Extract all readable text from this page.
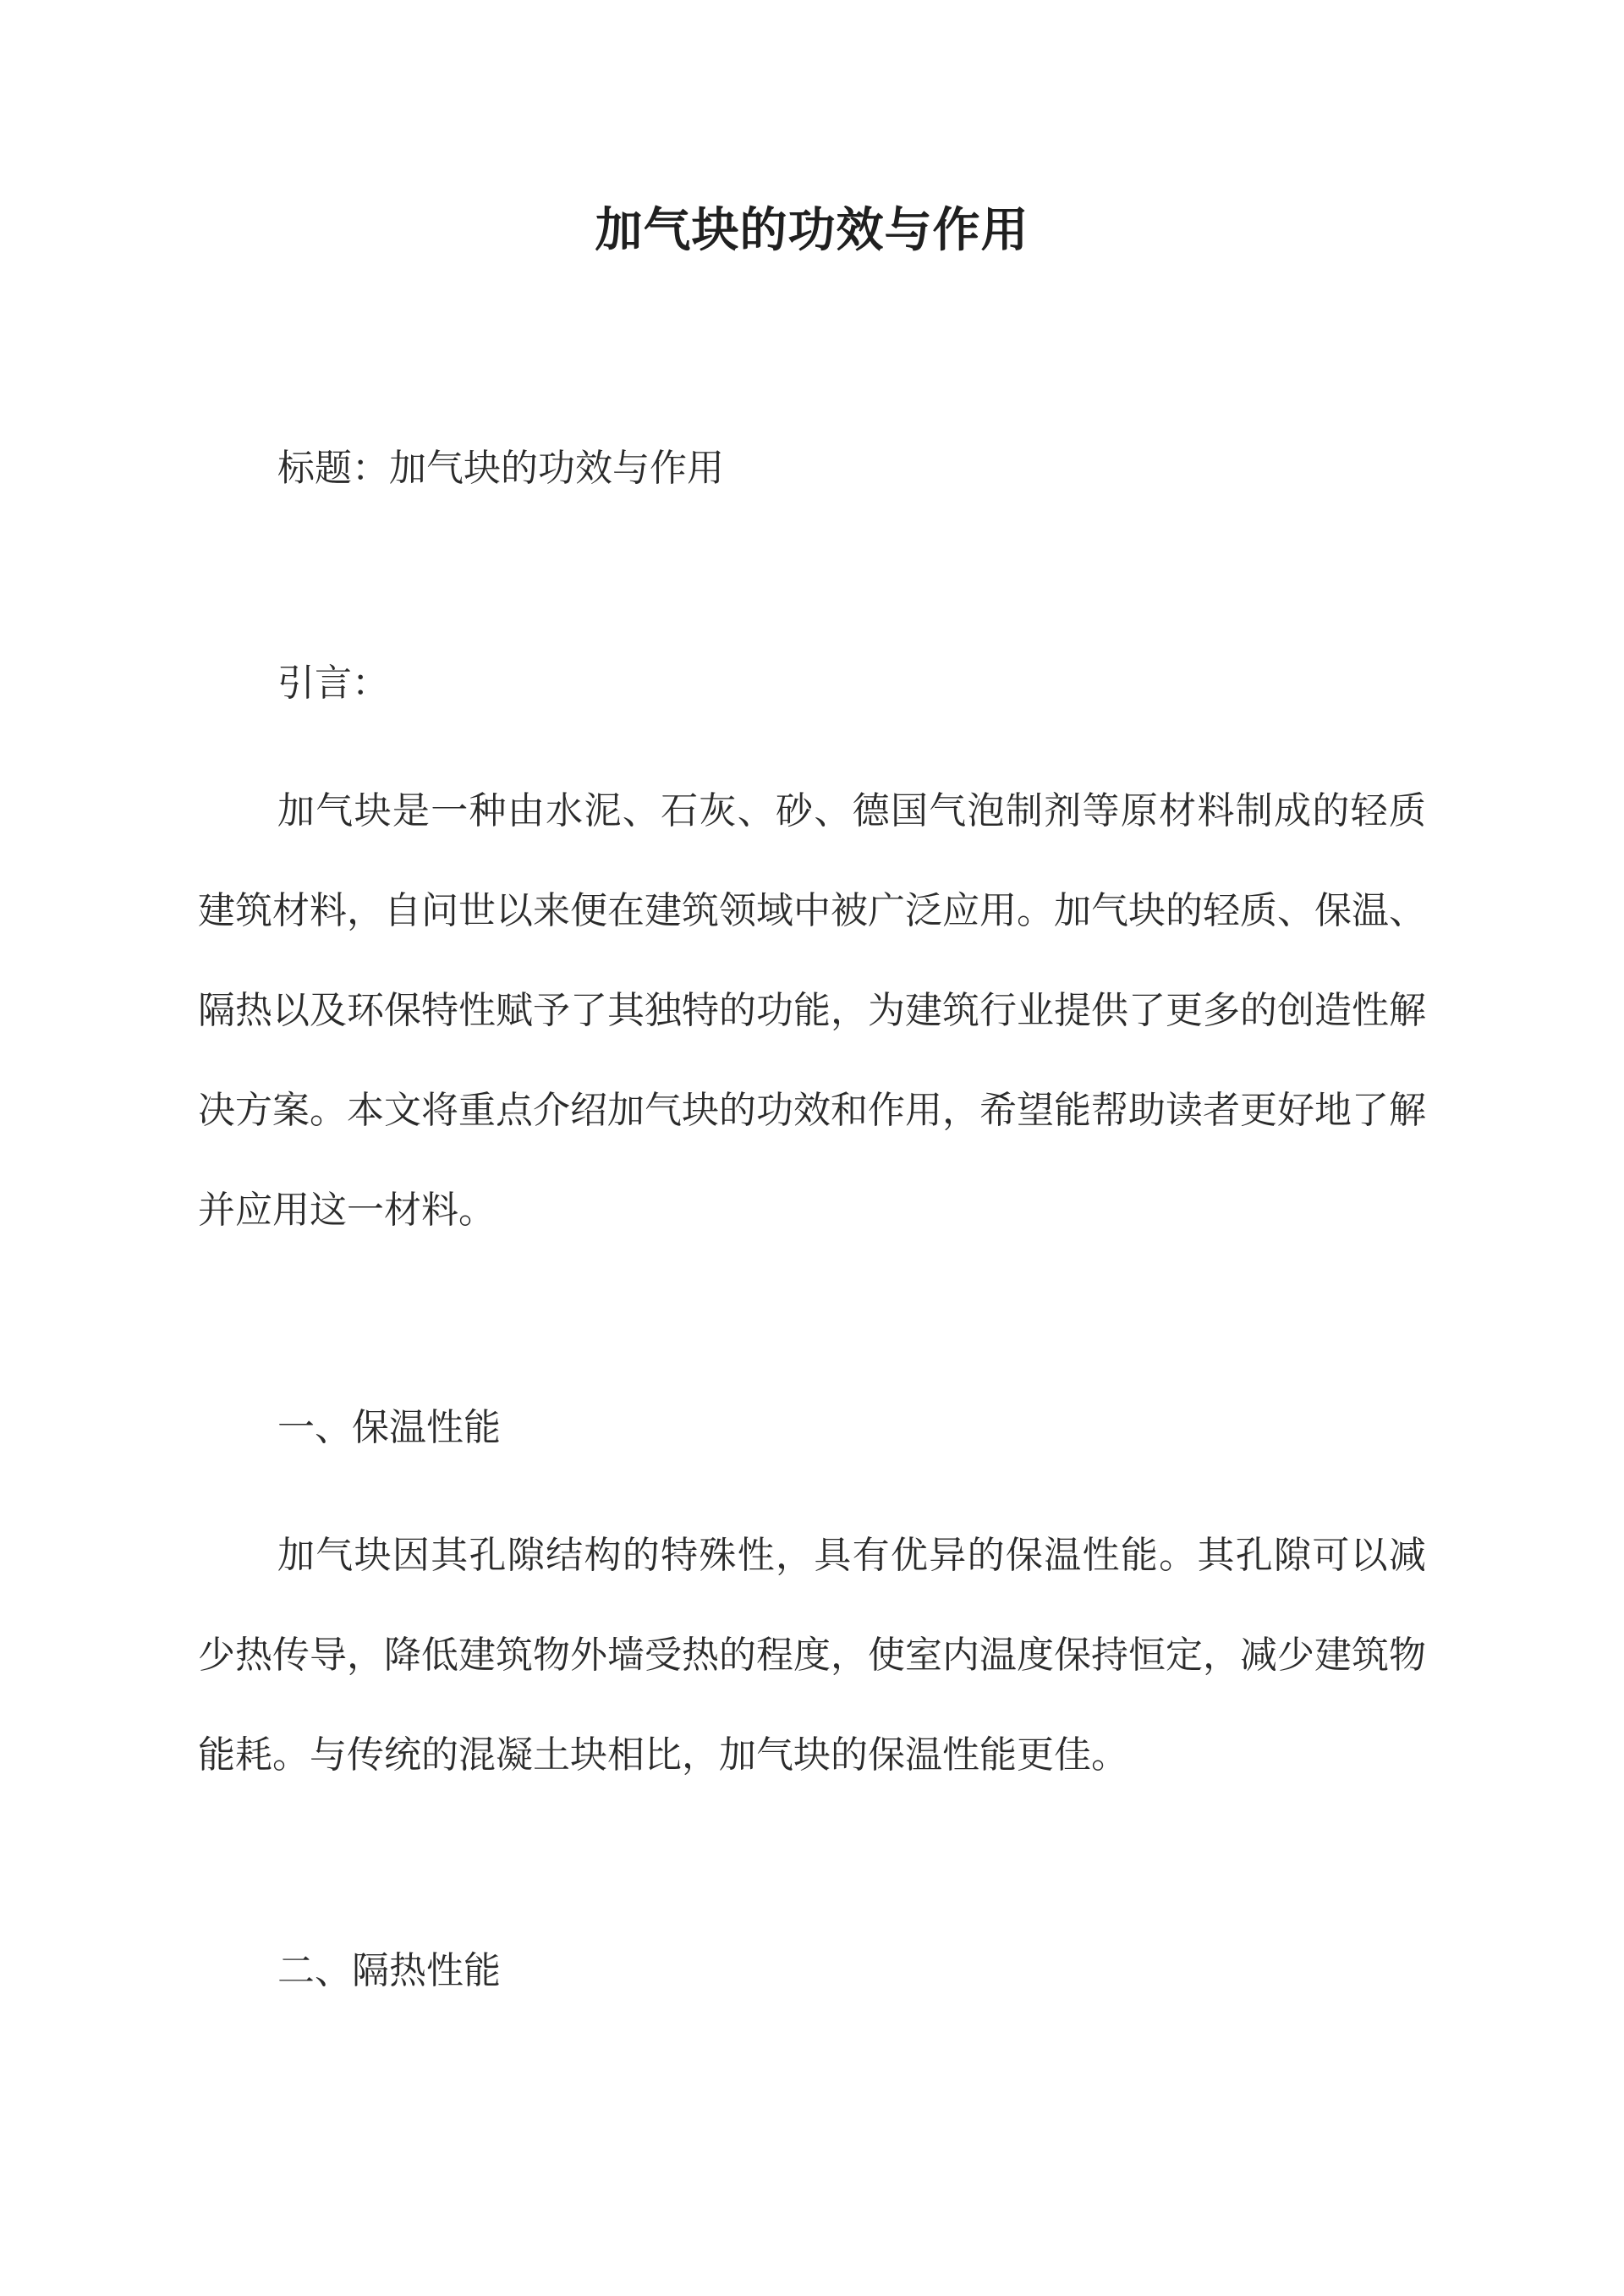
加气块的功效与作用
标题：加气块的功效与作用
引言：

加气块是一种由水泥、石灰、砂、德国气泡制剂等原材料制成的轻质建筑材料，自问世以来便在建筑领域中被广泛应用。加气块的轻质、保温、隔热以及环保特性赋予了其独特的功能，为建筑行业提供了更多的创造性解决方案。本文将重点介绍加气块的功效和作用，希望能帮助读者更好地了解并应用这一材料。

一、保温性能

加气块因其孔隙结构的特殊性，具有优异的保温性能。其孔隙可以减少热传导，降低建筑物外墙受热的程度，使室内温度保持恒定，减少建筑物能耗。与传统的混凝土块相比，加气块的保温性能更佳。

二、隔热性能
